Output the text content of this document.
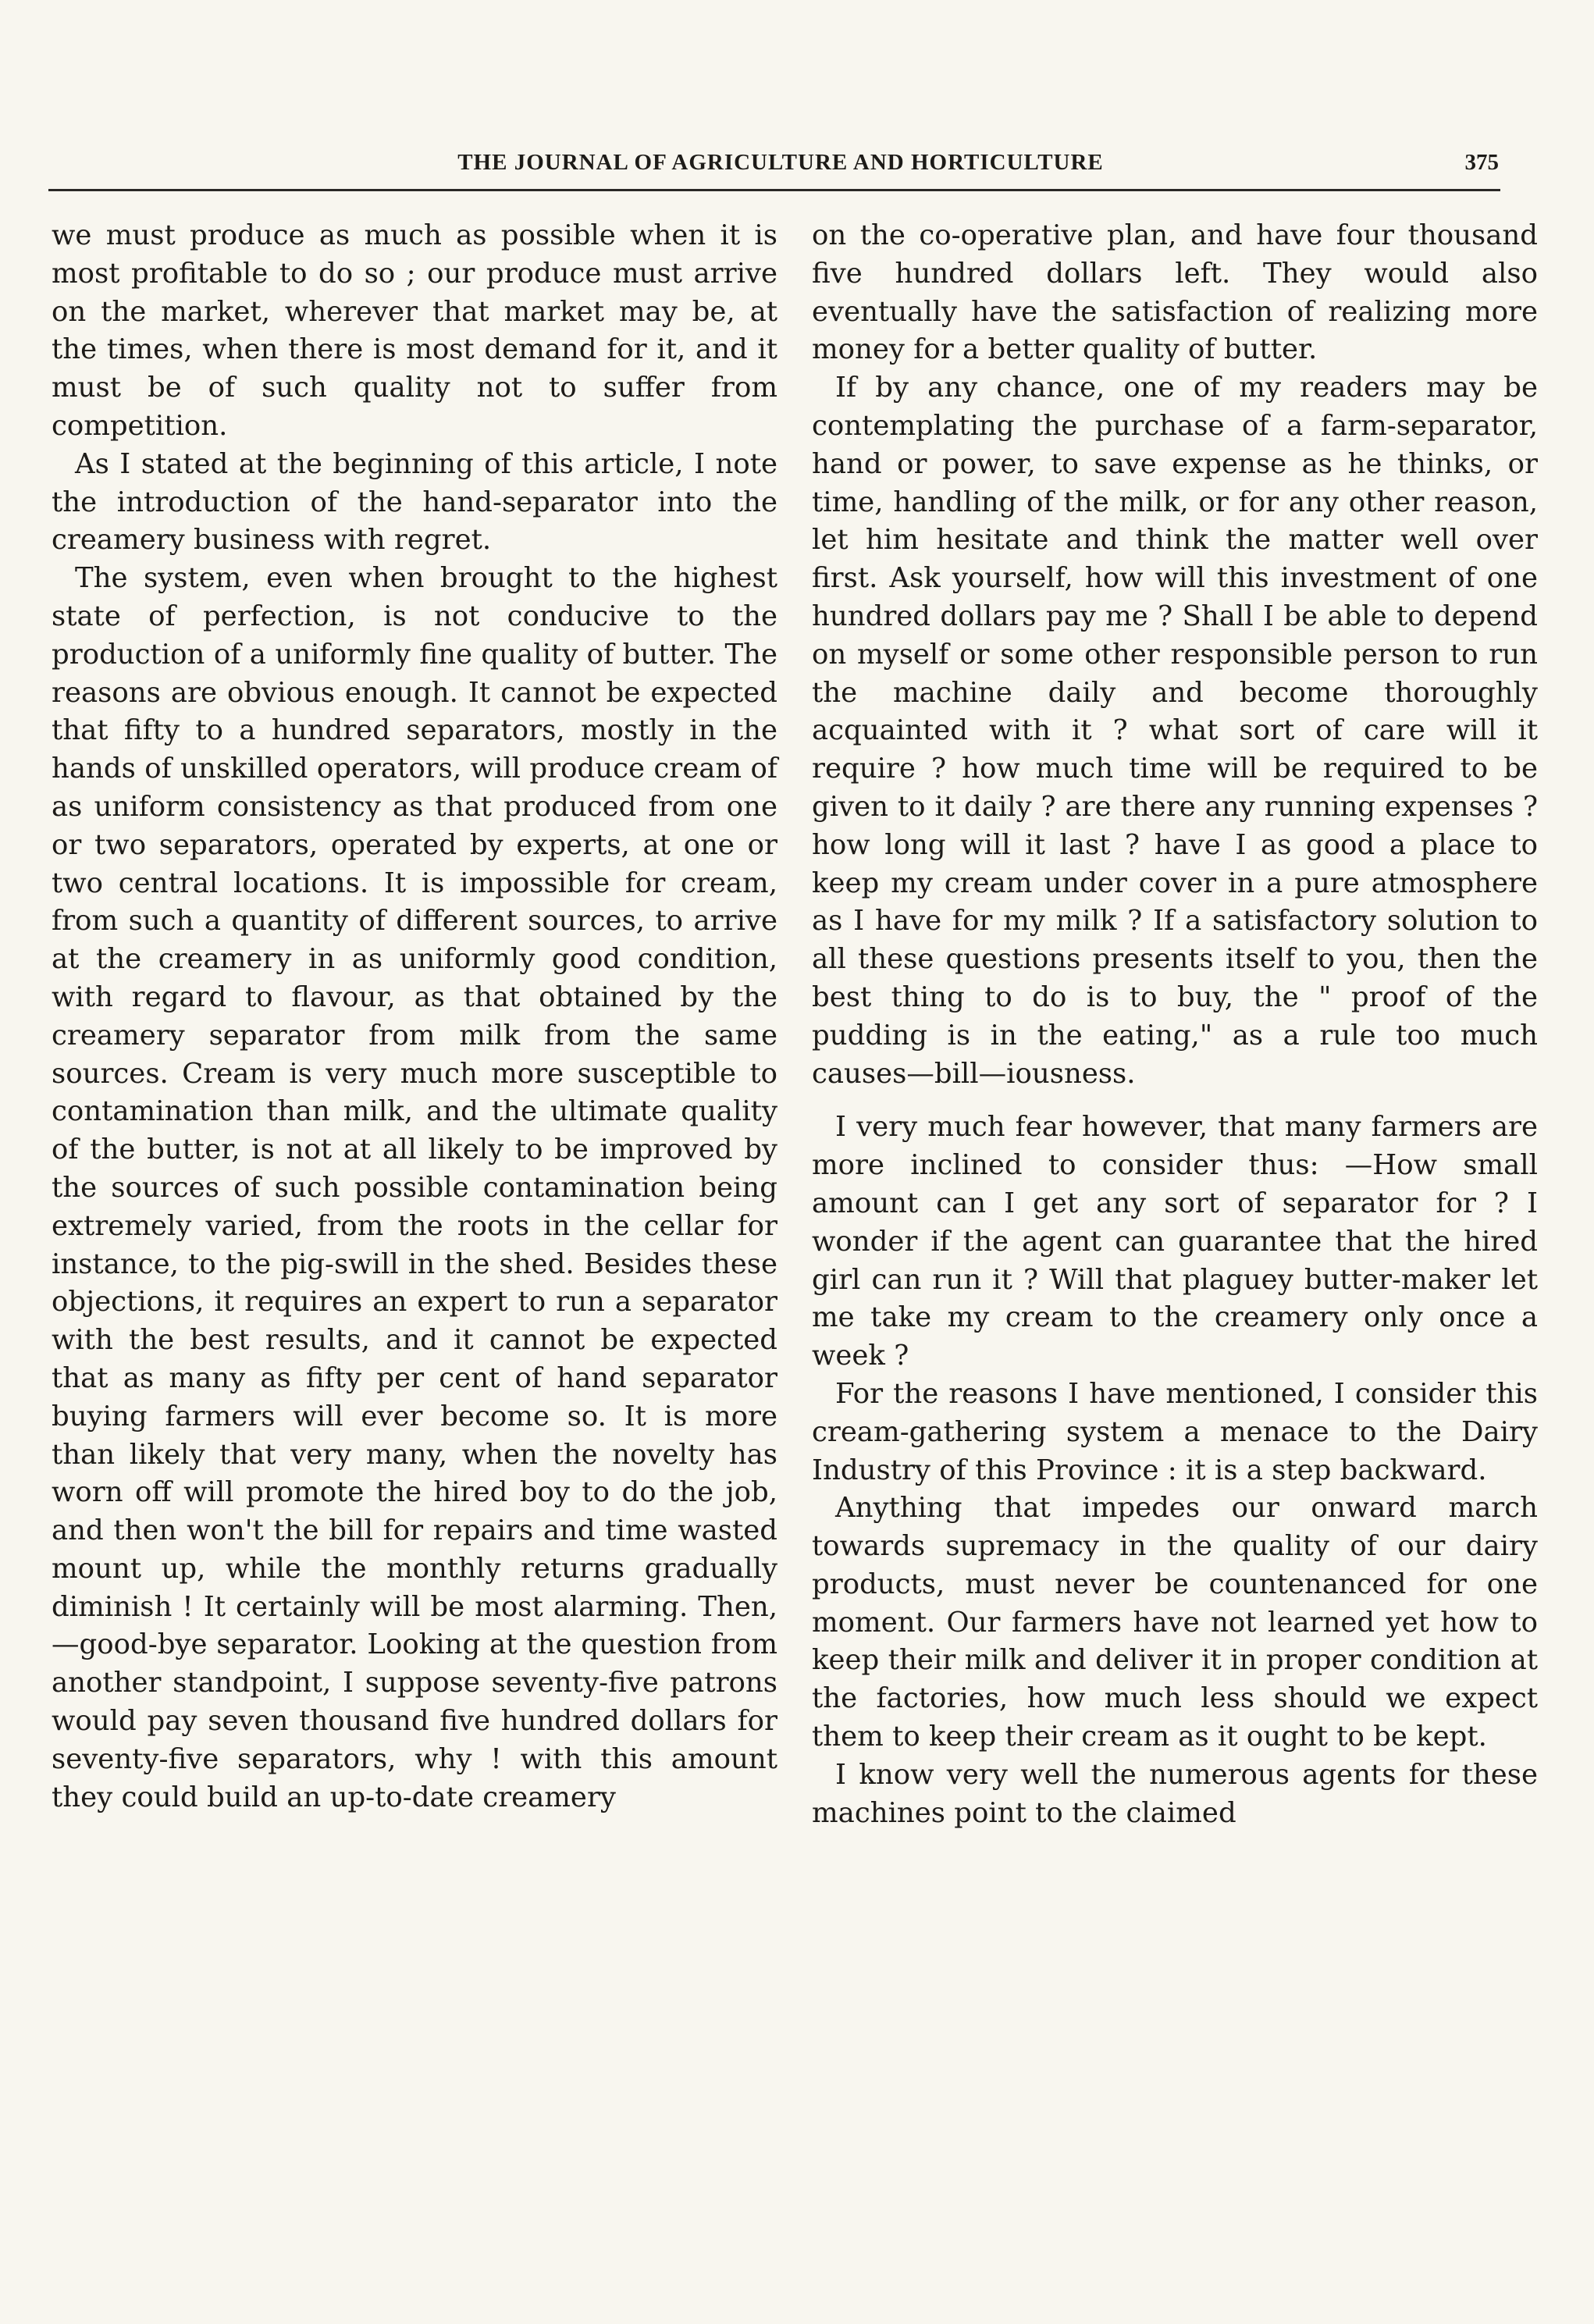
THE JOURNAL OF AGRICULTURE AND HORTICULTURE	375

we must produce as much as possible when it is most profitable to do so ; our produce must arrive on the market, wherever that market may be, at the times, when there is most demand for it, and it must be of such quality not to suffer from competition.

As I stated at the beginning of this article, I note the introduction of the hand-separator into the creamery business with regret.

The system, even when brought to the highest state of perfection, is not conducive to the production of a uniformly fine quality of butter. The reasons are obvious enough. It cannot be expected that fifty to a hundred separators, mostly in the hands of unskilled operators, will produce cream of as uniform consistency as that produced from one or two separators, operated by experts, at one or two central locations. It is impossible for cream, from such a quantity of different sources, to arrive at the creamery in as uniformly good condition, with regard to flavour, as that obtained by the creamery separator from milk from the same sources. Cream is very much more susceptible to contamination than milk, and the ultimate quality of the butter, is not at all likely to be improved by the sources of such possible contamination being extremely varied, from the roots in the cellar for instance, to the pig-swill in the shed. Besides these objections, it requires an expert to run a separator with the best results, and it cannot be expected that as many as fifty per cent of hand separator buying farmers will ever become so. It is more than likely that very many, when the novelty has worn off will promote the hired boy to do the job, and then won't the bill for repairs and time wasted mount up, while the monthly returns gradually diminish ! It certainly will be most alarming. Then, —good-bye separator. Looking at the question from another standpoint, I suppose seventy-five patrons would pay seven thousand five hundred dollars for seventy-five separators, why ! with this amount they could build an up-to-date creamery

on the co-operative plan, and have four thousand five hundred dollars left. They would also eventually have the satisfaction of realizing more money for a better quality of butter.

If by any chance, one of my readers may be contemplating the purchase of a farm-separator, hand or power, to save expense as he thinks, or time, handling of the milk, or for any other reason, let him hesitate and think the matter well over first. Ask yourself, how will this investment of one hundred dollars pay me ? Shall I be able to depend on myself or some other responsible person to run the machine daily and become thoroughly acquainted with it ? what sort of care will it require ? how much time will be required to be given to it daily ? are there any running expenses ? how long will it last ? have I as good a place to keep my cream under cover in a pure atmosphere as I have for my milk ? If a satisfactory solution to all these questions presents itself to you, then the best thing to do is to buy, the " proof of the pudding is in the eating," as a rule too much causes—bill—iousness.

I very much fear however, that many farmers are more inclined to consider thus: —How small amount can I get any sort of separator for ? I wonder if the agent can guarantee that the hired girl can run it ? Will that plaguey butter-maker let me take my cream to the creamery only once a week ?

For the reasons I have mentioned, I consider this cream-gathering system a menace to the Dairy Industry of this Province : it is a step backward.

Anything that impedes our onward march towards supremacy in the quality of our dairy products, must never be countenanced for one moment. Our farmers have not learned yet how to keep their milk and deliver it in proper condition at the factories, how much less should we expect them to keep their cream as it ought to be kept.

I know very well the numerous agents for these machines point to the claimed
